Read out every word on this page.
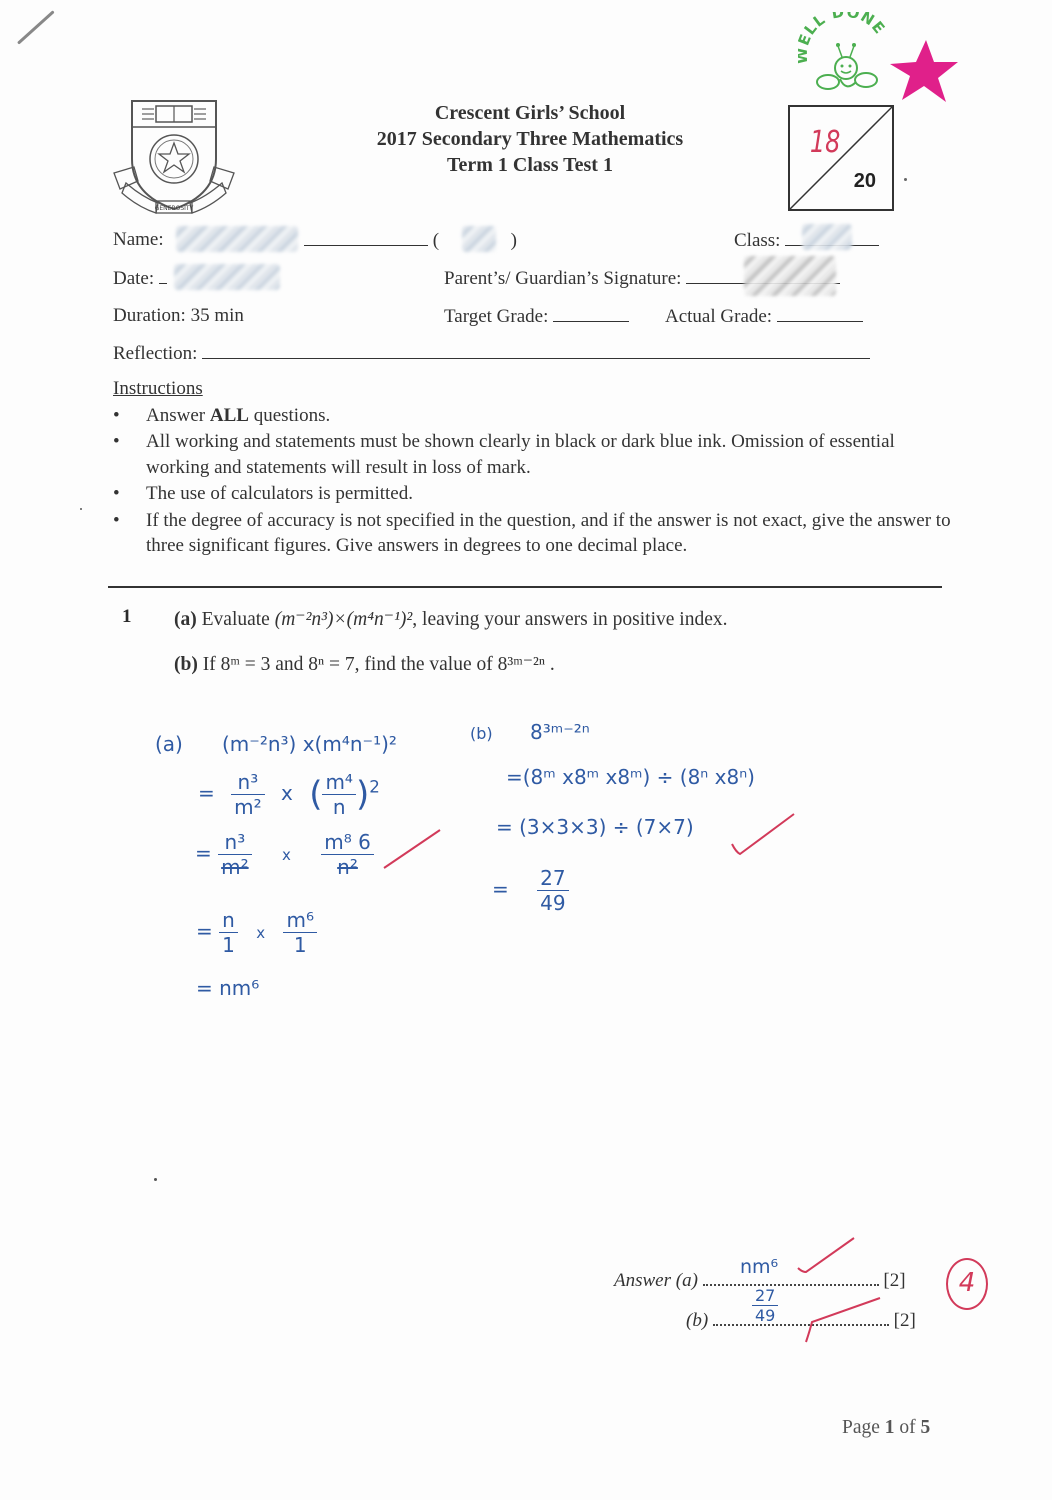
GENEROSITY
Crescent Girls’ School
2017 Secondary Three Mathematics
Term 1 Class Test 1
LL DONE
18
20
Name:	(	)	Class:
Date:	Parent’s/ Guardian’s Signature:
Duration: 35 min	Target Grade:	Actual Grade:
Reflection:
Instructions
• Answer ALL questions.
• All working and statements must be shown clearly in black or dark blue ink. Omission of essential working and statements will result in loss of mark.
• The use of calculators is permitted.
• If the degree of accuracy is not specified in the question, and if the answer is not exact, give the answer to three significant figures. Give answers in degrees to one decimal place.
1 (a) Evaluate (m⁻²n³)×(m⁴n⁻¹)², leaving your answers in positive index.
(b) If 8ᵐ = 3 and 8ⁿ = 7, find the value of 8³ᵐ⁻²ⁿ .
(a) (m⁻²n³) x(m⁴n⁻¹)²
= $\frac{\text{n³}}{\text{m²}}$ x ( $\frac{\text{m⁴}}{n} )^2$
= $\frac{\text{n³}}{\text{m²}}$ x $\frac{\text{m⁸ 6}}{\text{n²}}$
= $\frac{n}{1}$ x $\frac{\text{m⁶}}{1}$
= nm⁶
(b) 8³ᵐ⁻²ⁿ
=(8ᵐ x8ᵐ x8ᵐ) ÷ (8ⁿ x8ⁿ)
= (3×3×3) ÷ (7×7)
= $\frac{27}{49}$
Answer (a)	[2]
nm⁶
(b)	[2]
$\frac{27}{49}$
4
Page 1 of 5
